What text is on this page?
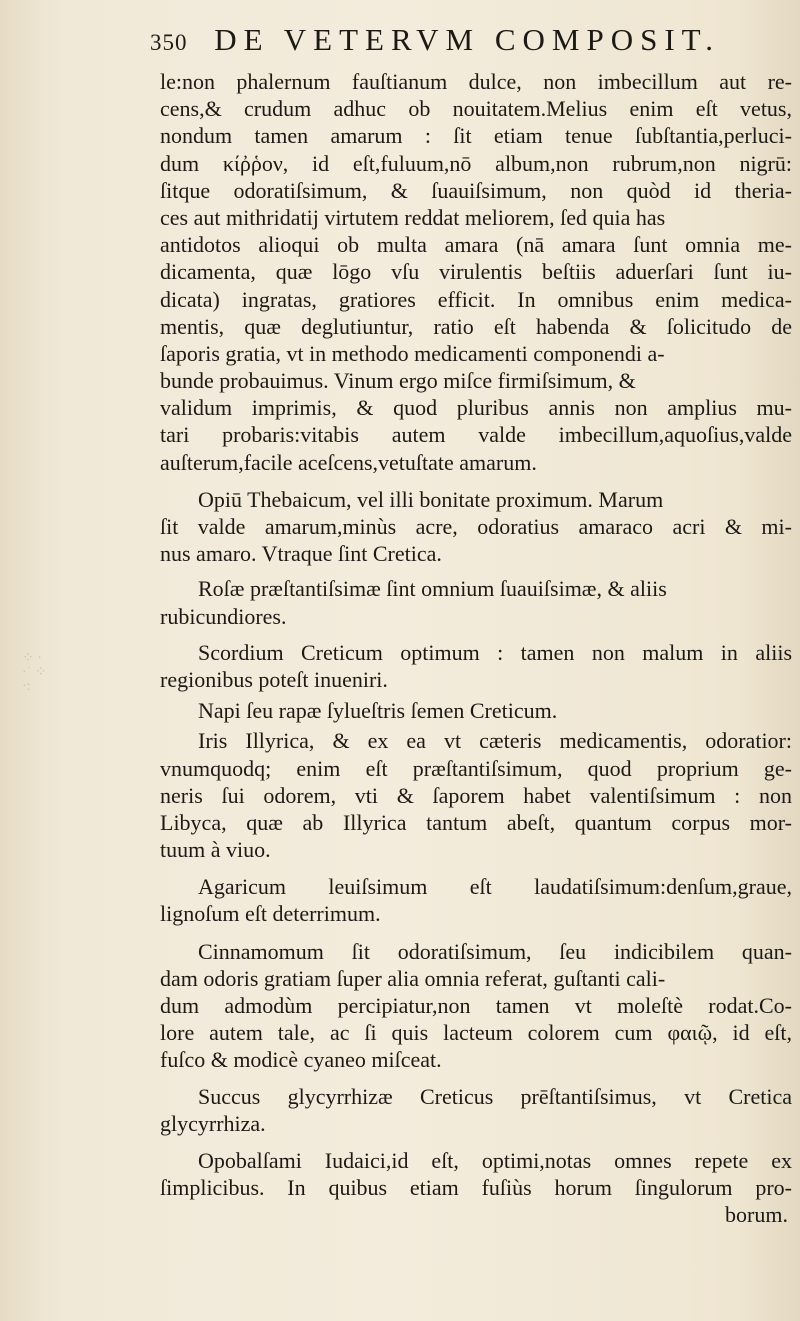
350 DE VETERVM COMPOSIT.
⁘ ·
·˙ ⁘
·:
le:non phalernum fauſtianum dulce, non imbecillum aut re-
cens,& crudum adhuc ob nouitatem.Melius enim eſt vetus,
nondum tamen amarum : ſit etiam tenue ſubſtantia,perluci-
dum κίῤῥον, id eſt,fuluum,nō album,non rubrum,non nigrū:
ſitque odoratiſsimum, & ſuauiſsimum, non quòd id theria-
ces aut mithridatij virtutem reddat meliorem, ſed quia has
antidotos alioqui ob multa amara (nā amara ſunt omnia me-
dicamenta, quæ lōgo vſu virulentis beſtiis aduerſari ſunt iu-
dicata) ingratas, gratiores efficit. In omnibus enim medica-
mentis, quæ deglutiuntur, ratio eſt habenda & ſolicitudo de
ſaporis gratia, vt in methodo medicamenti componendi a-
bunde probauimus. Vinum ergo miſce firmiſsimum, &
validum imprimis, & quod pluribus annis non amplius mu-
tari probaris:vitabis autem valde imbecillum,aquoſius,valde
auſterum,facile aceſcens,vetuſtate amarum.
Opiū Thebaicum, vel illi bonitate proximum. Marum
ſit valde amarum,minùs acre, odoratius amaraco acri & mi-
nus amaro. Vtraque ſint Cretica.
Roſæ præſtantiſsimæ ſint omnium ſuauiſsimæ, & aliis
rubicundiores.
Scordium Creticum optimum : tamen non malum in aliis
regionibus poteſt inueniri.
Napi ſeu rapæ ſylueſtris ſemen Creticum.
Iris Illyrica, & ex ea vt cæteris medicamentis, odoratior:
vnumquodq; enim eſt præſtantiſsimum, quod proprium ge-
neris ſui odorem, vti & ſaporem habet valentiſsimum : non
Libyca, quæ ab Illyrica tantum abeſt, quantum corpus mor-
tuum à viuo.
Agaricum leuiſsimum eſt laudatiſsimum:denſum,graue,
lignoſum eſt deterrimum.
Cinnamomum ſit odoratiſsimum, ſeu indicibilem quan-
dam odoris gratiam ſuper alia omnia referat, guſtanti cali-
dum admodùm percipiatur,non tamen vt moleſtè rodat.Co-
lore autem tale, ac ſi quis lacteum colorem cum φαιῷ, id eſt,
fuſco & modicè cyaneo miſceat.
Succus glycyrrhizæ Creticus prēſtantiſsimus, vt Cretica
glycyrrhiza.
Opobalſami Iudaici,id eſt, optimi,notas omnes repete ex
ſimplicibus. In quibus etiam fuſiùs horum ſingulorum pro-
borum.
